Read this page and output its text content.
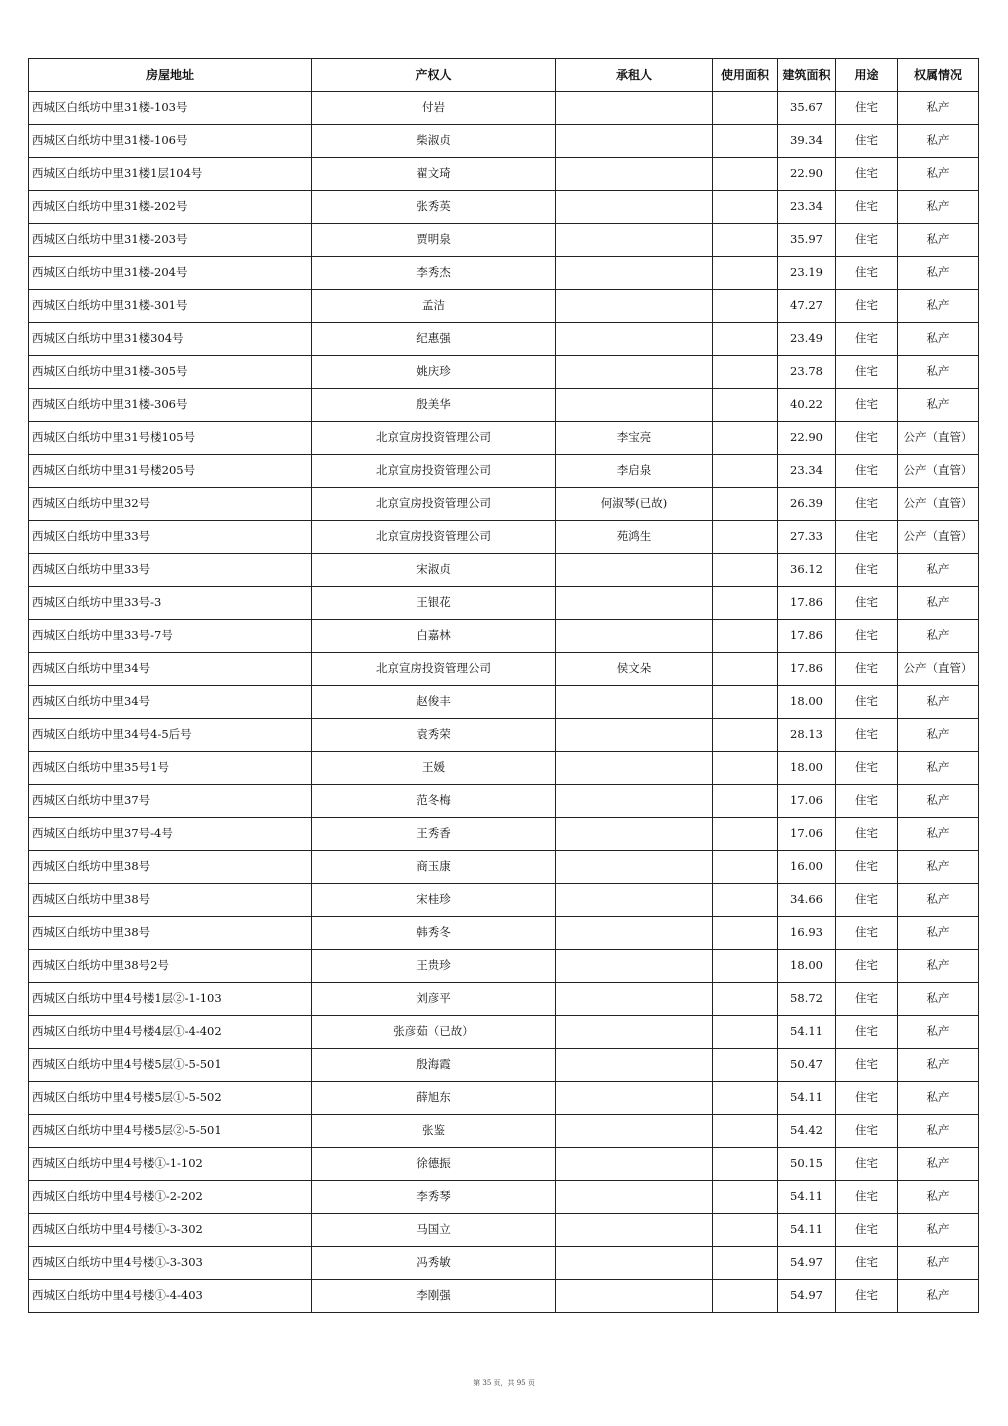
房屋地址	产权人	承租人	使用面积	建筑面积	用途	权属情况
西城区白纸坊中里31楼-103号	付岩			35.67	住宅	私产
西城区白纸坊中里31楼-106号	柴淑贞			39.34	住宅	私产
西城区白纸坊中里31楼1层104号	翟文琦			22.90	住宅	私产
西城区白纸坊中里31楼-202号	张秀英			23.34	住宅	私产
西城区白纸坊中里31楼-203号	贾明泉			35.97	住宅	私产
西城区白纸坊中里31楼-204号	李秀杰			23.19	住宅	私产
西城区白纸坊中里31楼-301号	孟洁			47.27	住宅	私产
西城区白纸坊中里31楼304号	纪惠强			23.49	住宅	私产
西城区白纸坊中里31楼-305号	姚庆珍			23.78	住宅	私产
西城区白纸坊中里31楼-306号	殷美华			40.22	住宅	私产
西城区白纸坊中里31号楼105号	北京宣房投资管理公司	李宝亮		22.90	住宅	公产（直管）
西城区白纸坊中里31号楼205号	北京宣房投资管理公司	李启泉		23.34	住宅	公产（直管）
西城区白纸坊中里32号	北京宣房投资管理公司	何淑琴(已故)		26.39	住宅	公产（直管）
西城区白纸坊中里33号	北京宣房投资管理公司	苑鸿生		27.33	住宅	公产（直管）
西城区白纸坊中里33号	宋淑贞			36.12	住宅	私产
西城区白纸坊中里33号-3	王银花			17.86	住宅	私产
西城区白纸坊中里33号-7号	白嘉林			17.86	住宅	私产
西城区白纸坊中里34号	北京宣房投资管理公司	侯文朵		17.86	住宅	公产（直管）
西城区白纸坊中里34号	赵俊丰			18.00	住宅	私产
西城区白纸坊中里34号4-5后号	袁秀荣			28.13	住宅	私产
西城区白纸坊中里35号1号	王媛			18.00	住宅	私产
西城区白纸坊中里37号	范冬梅			17.06	住宅	私产
西城区白纸坊中里37号-4号	王秀香			17.06	住宅	私产
西城区白纸坊中里38号	商玉康			16.00	住宅	私产
西城区白纸坊中里38号	宋桂珍			34.66	住宅	私产
西城区白纸坊中里38号	韩秀冬			16.93	住宅	私产
西城区白纸坊中里38号2号	王贵珍			18.00	住宅	私产
西城区白纸坊中里4号楼1层②-1-103	刘彦平			58.72	住宅	私产
西城区白纸坊中里4号楼4层①-4-402	张彦茹（已故）			54.11	住宅	私产
西城区白纸坊中里4号楼5层①-5-501	殷海霞			50.47	住宅	私产
西城区白纸坊中里4号楼5层①-5-502	薛旭东			54.11	住宅	私产
西城区白纸坊中里4号楼5层②-5-501	张鉴			54.42	住宅	私产
西城区白纸坊中里4号楼①-1-102	徐德振			50.15	住宅	私产
西城区白纸坊中里4号楼①-2-202	李秀琴			54.11	住宅	私产
西城区白纸坊中里4号楼①-3-302	马国立			54.11	住宅	私产
西城区白纸坊中里4号楼①-3-303	冯秀敏			54.97	住宅	私产
西城区白纸坊中里4号楼①-4-403	李刚强			54.97	住宅	私产
第 35 页，共 95 页
